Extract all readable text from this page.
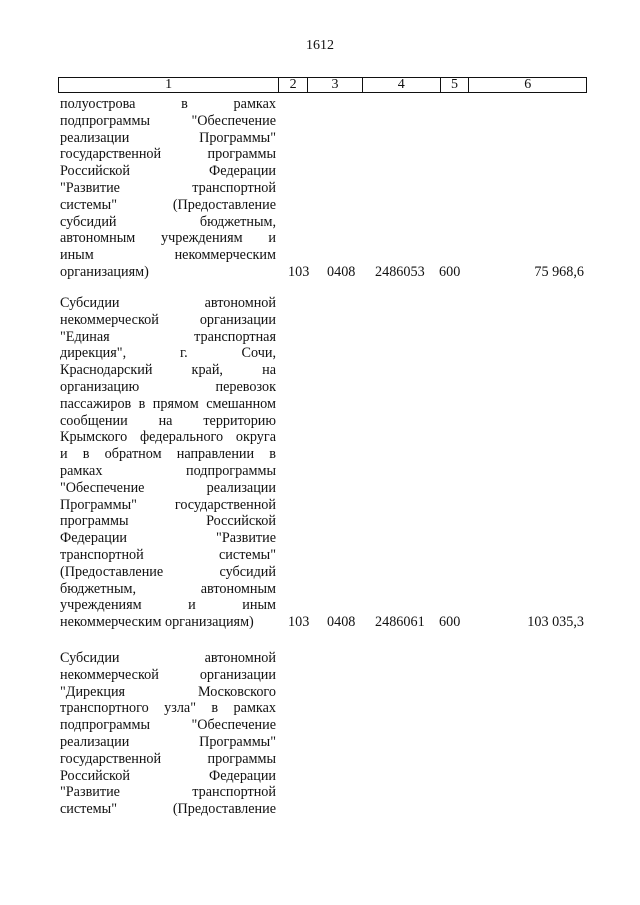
1612
1	2	3	4	5	6
полуострова в рамках
подпрограммы "Обеспечение
реализации Программы"
государственной программы
Российской Федерации
"Развитие транспортной
системы" (Предоставление
субсидий бюджетным,
автономным учреждениям и
иным некоммерческим
организациям)	103 0408 2486053 600	75 968,6
Субсидии автономной
некоммерческой организации
"Единая транспортная
дирекция", г. Сочи,
Краснодарский край, на
организацию перевозок
пассажиров в прямом смешанном
сообщении на территорию
Крымского федерального округа
и в обратном направлении в
рамках подпрограммы
"Обеспечение реализации
Программы" государственной
программы Российской
Федерации "Развитие
транспортной системы"
(Предоставление субсидий
бюджетным, автономным
учреждениям и иным
некоммерческим организациям)	103 0408 2486061 600	103 035,3
Субсидии автономной
некоммерческой организации
"Дирекция Московского
транспортного узла" в рамках
подпрограммы "Обеспечение
реализации Программы"
государственной программы
Российской Федерации
"Развитие транспортной
системы" (Предоставление
